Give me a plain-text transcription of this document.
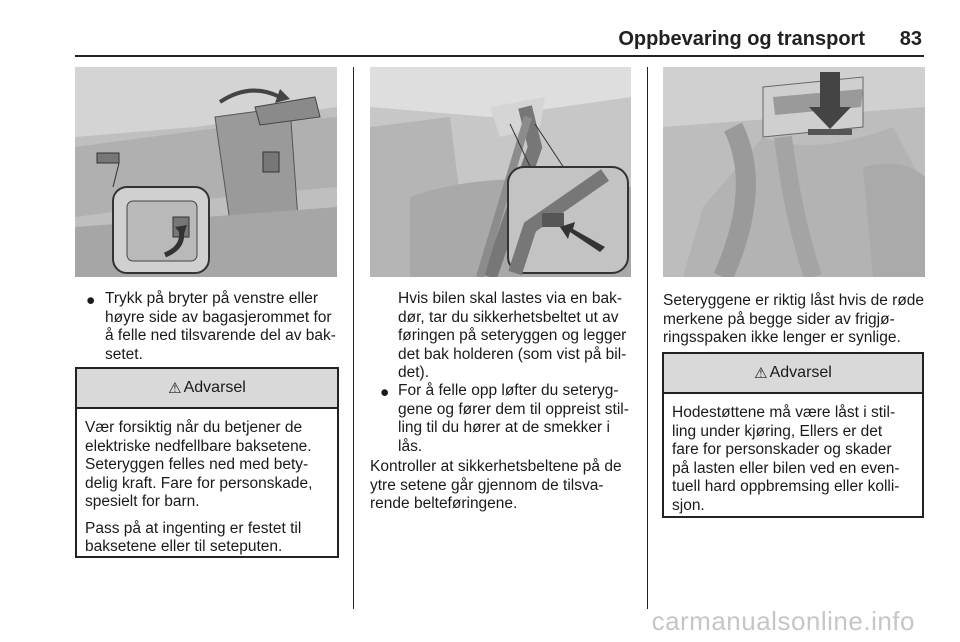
Oppbevaring og transport 83
● Trykk på bryter på venstre eller
høyre side av bagasjerommet for
å felle ned tilsvarende del av bak-
setet.
⚠ Advarsel

Vær forsiktig når du betjener de
elektriske nedfellbare baksetene.
Seteryggen felles ned med bety-
delig kraft. Fare for personskade,
spesielt for barn.

Pass på at ingenting er festet til
baksetene eller til seteputen.

Hvis bilen skal lastes via en bak-
dør, tar du sikkerhetsbeltet ut av
føringen på seteryggen og legger
det bak holderen (som vist på bil-
det).
● For å felle opp løfter du seteryg-
gene og fører dem til oppreist stil-
ling til du hører at de smekker i
lås.
Kontroller at sikkerhetsbeltene på de
ytre setene går gjennom de tilsva-
rende belteføringene.
Seteryggene er riktig låst hvis de røde
merkene på begge sider av frigjø-
ringsspaken ikke lenger er synlige.
⚠ Advarsel
Hodestøttene må være låst i stil-
ling under kjøring, Ellers er det
fare for personskader og skader
på lasten eller bilen ved en even-
tuell hard oppbremsing eller kolli-
sjon.
carmanualsonline.info
